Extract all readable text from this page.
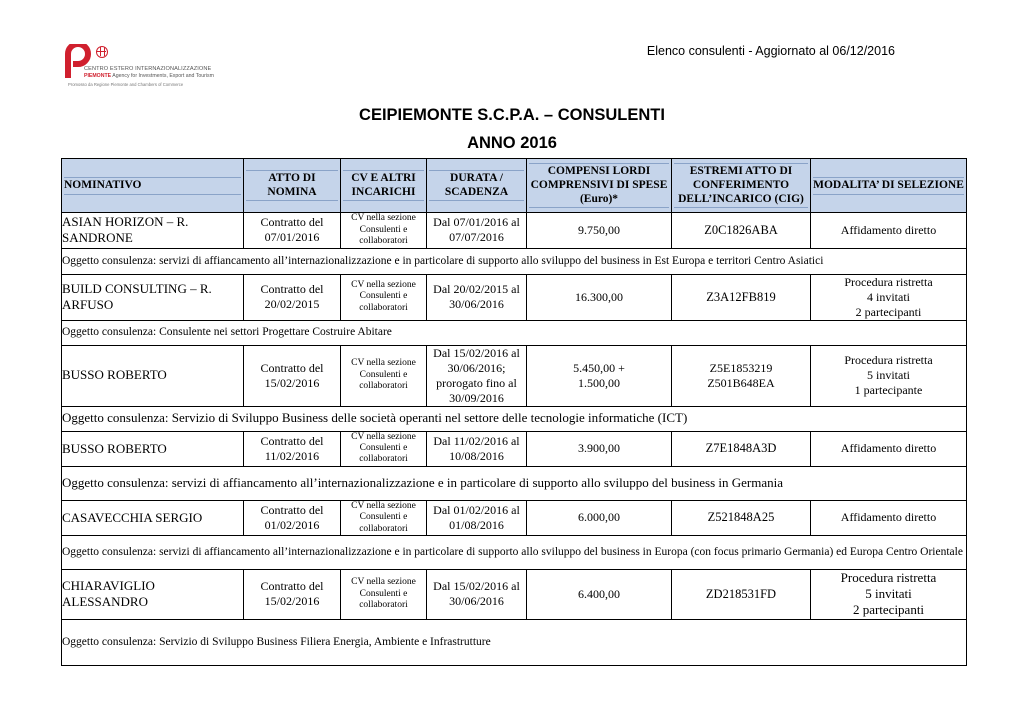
CENTRO ESTERO INTERNAZIONALIZZAZIONE
PIEMONTE Agency for Investments, Export and Tourism
Promosso da Regione Piemonte and Chambers of Commerce
Elenco consulenti - Aggiornato al 06/12/2016
CEIPIEMONTE S.C.P.A. – CONSULENTI
ANNO 2016
NOMINATIVO	ATTO DI NOMINA	CV E ALTRI INCARICHI	DURATA / SCADENZA	COMPENSI LORDI COMPRENSIVI DI SPESE (Euro)*	ESTREMI ATTO DI CONFERIMENTO DELL’INCARICO (CIG)	MODALITA’ DI SELEZIONE

ASIAN HORIZON – R. SANDRONE	Contratto del 07/01/2016	CV nella sezione Consulenti e collaboratori	Dal 07/01/2016 al 07/07/2016	9.750,00	Z0C1826ABA	Affidamento diretto

Oggetto consulenza: servizi di affiancamento all’internazionalizzazione e in particolare di supporto allo sviluppo del business in Est Europa e territori Centro Asiatici						
BUILD CONSULTING – R. ARFUSO	Contratto del 20/02/2015	CV nella sezione Consulenti e collaboratori	Dal 20/02/2015 al 30/06/2016	16.300,00	Z3A12FB819	Procedura ristretta
4 invitati
2 partecipanti

Oggetto consulenza: Consulente nei settori Progettare Costruire Abitare						
BUSSO ROBERTO	Contratto del 15/02/2016	CV nella sezione Consulenti e collaboratori	Dal 15/02/2016 al 30/06/2016; prorogato fino al 30/09/2016	5.450,00 + 1.500,00	Z5E1853219 Z501B648EA	Procedura ristretta
5 invitati
1 partecipante

Oggetto consulenza: Servizio di Sviluppo Business delle società operanti nel settore delle tecnologie informatiche (ICT)						
BUSSO ROBERTO	Contratto del 11/02/2016	CV nella sezione Consulenti e collaboratori	Dal 11/02/2016 al 10/08/2016	3.900,00	Z7E1848A3D	Affidamento diretto

Oggetto consulenza: servizi di affiancamento all’internazionalizzazione e in particolare di supporto allo sviluppo del business in Germania						
CASAVECCHIA SERGIO	Contratto del 01/02/2016	CV nella sezione Consulenti e collaboratori	Dal 01/02/2016 al 01/08/2016	6.000,00	Z521848A25	Affidamento diretto

Oggetto consulenza: servizi di affiancamento all’internazionalizzazione e in particolare di supporto allo sviluppo del business in Europa (con focus primario Germania) ed Europa Centro Orientale						
CHIARAVIGLIO ALESSANDRO	Contratto del 15/02/2016	CV nella sezione Consulenti e collaboratori	Dal 15/02/2016 al 30/06/2016	6.400,00	ZD218531FD	Procedura ristretta
5 invitati
2 partecipanti

Oggetto consulenza: Servizio di Sviluppo Business Filiera Energia, Ambiente e Infrastrutture						
